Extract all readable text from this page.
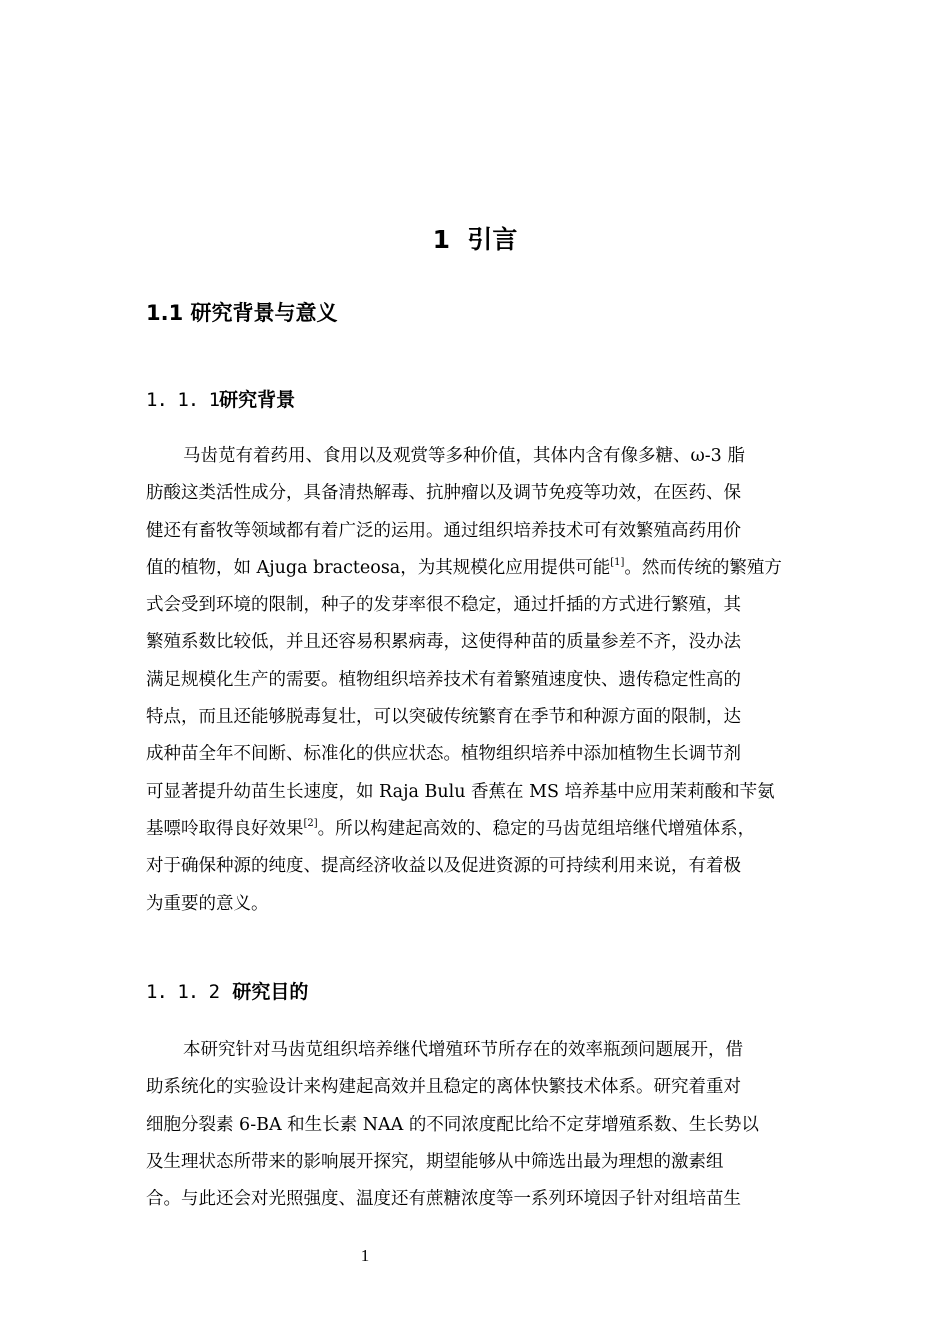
1 引言
1.1 研究背景与意义
1. 1. 1研究背景
马齿苋有着药用、食用以及观赏等多种价值，其体内含有像多糖、ω-3 脂
肪酸这类活性成分，具备清热解毒、抗肿瘤以及调节免疫等功效，在医药、保
健还有畜牧等领域都有着广泛的运用。通过组织培养技术可有效繁殖高药用价
值的植物，如 Ajuga bracteosa，为其规模化应用提供可能[1]。然而传统的繁殖方
式会受到环境的限制，种子的发芽率很不稳定，通过扦插的方式进行繁殖，其
繁殖系数比较低，并且还容易积累病毒，这使得种苗的质量参差不齐，没办法
满足规模化生产的需要。植物组织培养技术有着繁殖速度快、遗传稳定性高的
特点，而且还能够脱毒复壮，可以突破传统繁育在季节和种源方面的限制，达
成种苗全年不间断、标准化的供应状态。植物组织培养中添加植物生长调节剂
可显著提升幼苗生长速度，如 Raja Bulu 香蕉在 MS 培养基中应用茉莉酸和苄氨
基嘌呤取得良好效果[2]。所以构建起高效的、稳定的马齿苋组培继代增殖体系，
对于确保种源的纯度、提高经济收益以及促进资源的可持续利用来说，有着极
为重要的意义。
1. 1. 2 研究目的
本研究针对马齿苋组织培养继代增殖环节所存在的效率瓶颈问题展开，借
助系统化的实验设计来构建起高效并且稳定的离体快繁技术体系。研究着重对
细胞分裂素 6-BA 和生长素 NAA 的不同浓度配比给不定芽增殖系数、生长势以
及生理状态所带来的影响展开探究，期望能够从中筛选出最为理想的激素组
合。与此还会对光照强度、温度还有蔗糖浓度等一系列环境因子针对组培苗生
1
